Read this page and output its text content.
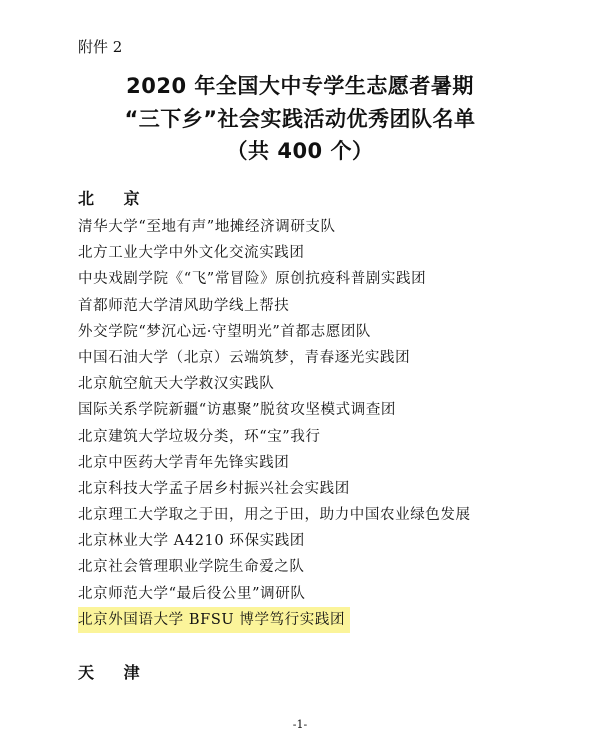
附件 2
2020 年全国大中专学生志愿者暑期
“三下乡”社会实践活动优秀团队名单
（共 400 个）
北 京
清华大学“至地有声”地摊经济调研支队
北方工业大学中外文化交流实践团
中央戏剧学院《“飞”常冒险》原创抗疫科普剧实践团
首都师范大学清风助学线上帮扶
外交学院“梦沉心远·守望明光”首都志愿团队
中国石油大学（北京）云端筑梦，青春逐光实践团
北京航空航天大学救汉实践队
国际关系学院新疆“访惠聚”脱贫攻坚模式调查团
北京建筑大学垃圾分类，环“宝”我行
北京中医药大学青年先锋实践团
北京科技大学孟子居乡村振兴社会实践团
北京理工大学取之于田，用之于田，助力中国农业绿色发展
北京林业大学 A4210 环保实践团
北京社会管理职业学院生命爱之队
北京师范大学“最后役公里”调研队
北京外国语大学 BFSU 博学笃行实践团
天 津
-1-
